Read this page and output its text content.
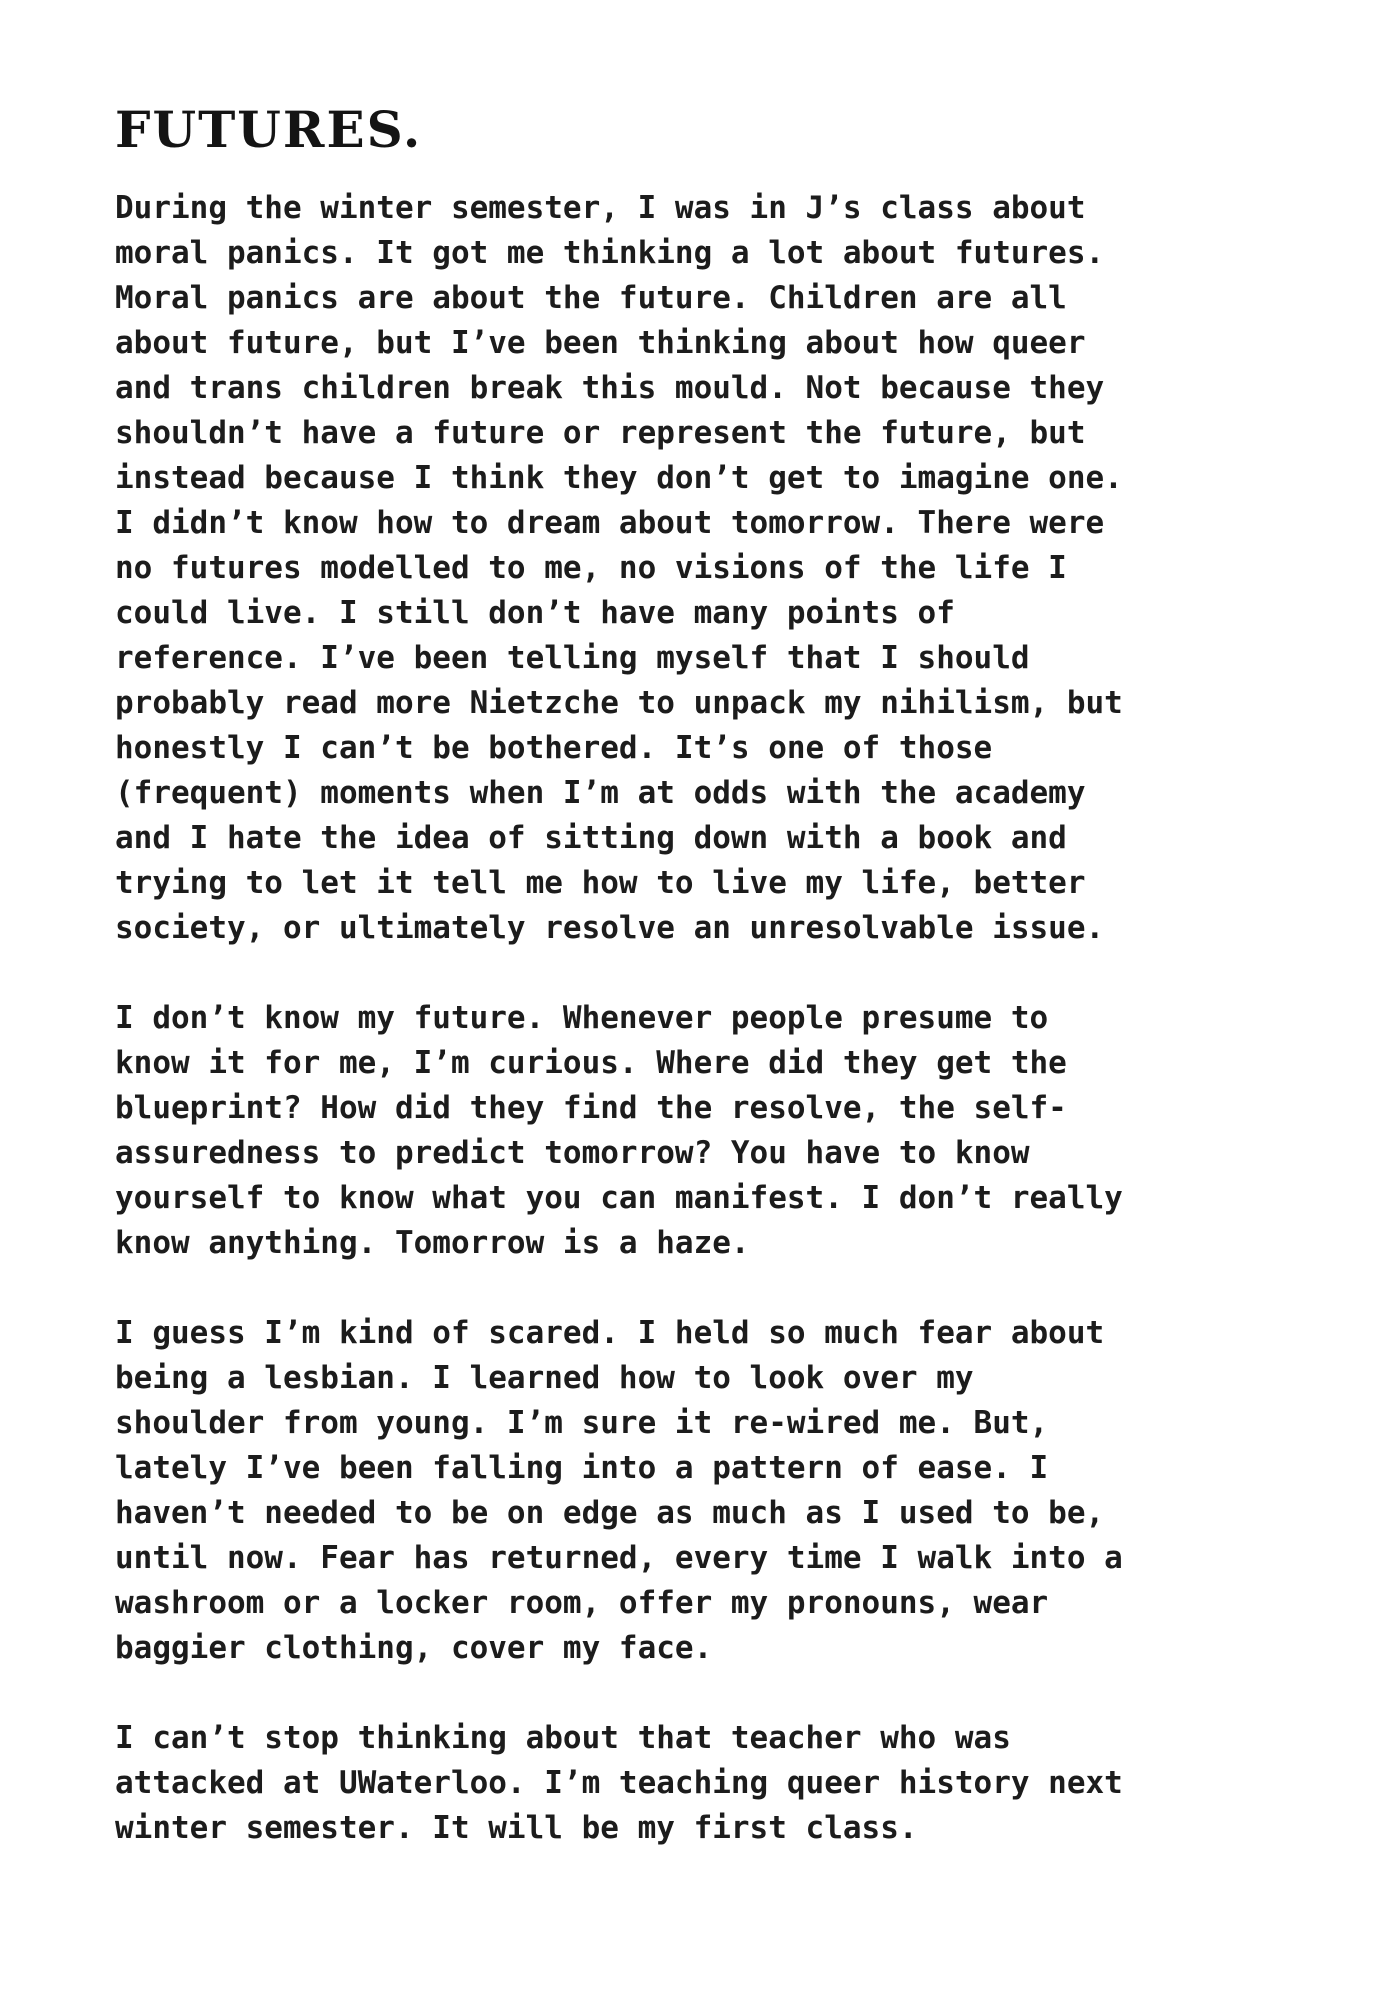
FUTURES.

During the winter semester, I was in J’s class about
moral panics. It got me thinking a lot about futures.
Moral panics are about the future. Children are all
about future, but I’ve been thinking about how queer
and trans children break this mould. Not because they
shouldn’t have a future or represent the future, but
instead because I think they don’t get to imagine one.
I didn’t know how to dream about tomorrow. There were
no futures modelled to me, no visions of the life I
could live. I still don’t have many points of
reference. I’ve been telling myself that I should
probably read more Nietzche to unpack my nihilism, but
honestly I can’t be bothered. It’s one of those
(frequent) moments when I’m at odds with the academy
and I hate the idea of sitting down with a book and
trying to let it tell me how to live my life, better
society, or ultimately resolve an unresolvable issue.

I don’t know my future. Whenever people presume to
know it for me, I’m curious. Where did they get the
blueprint? How did they find the resolve, the self-
assuredness to predict tomorrow? You have to know
yourself to know what you can manifest. I don’t really
know anything. Tomorrow is a haze.

I guess I’m kind of scared. I held so much fear about
being a lesbian. I learned how to look over my
shoulder from young. I’m sure it re-wired me. But,
lately I’ve been falling into a pattern of ease. I
haven’t needed to be on edge as much as I used to be,
until now. Fear has returned, every time I walk into a
washroom or a locker room, offer my pronouns, wear
baggier clothing, cover my face.

I can’t stop thinking about that teacher who was
attacked at UWaterloo. I’m teaching queer history next
winter semester. It will be my first class.
